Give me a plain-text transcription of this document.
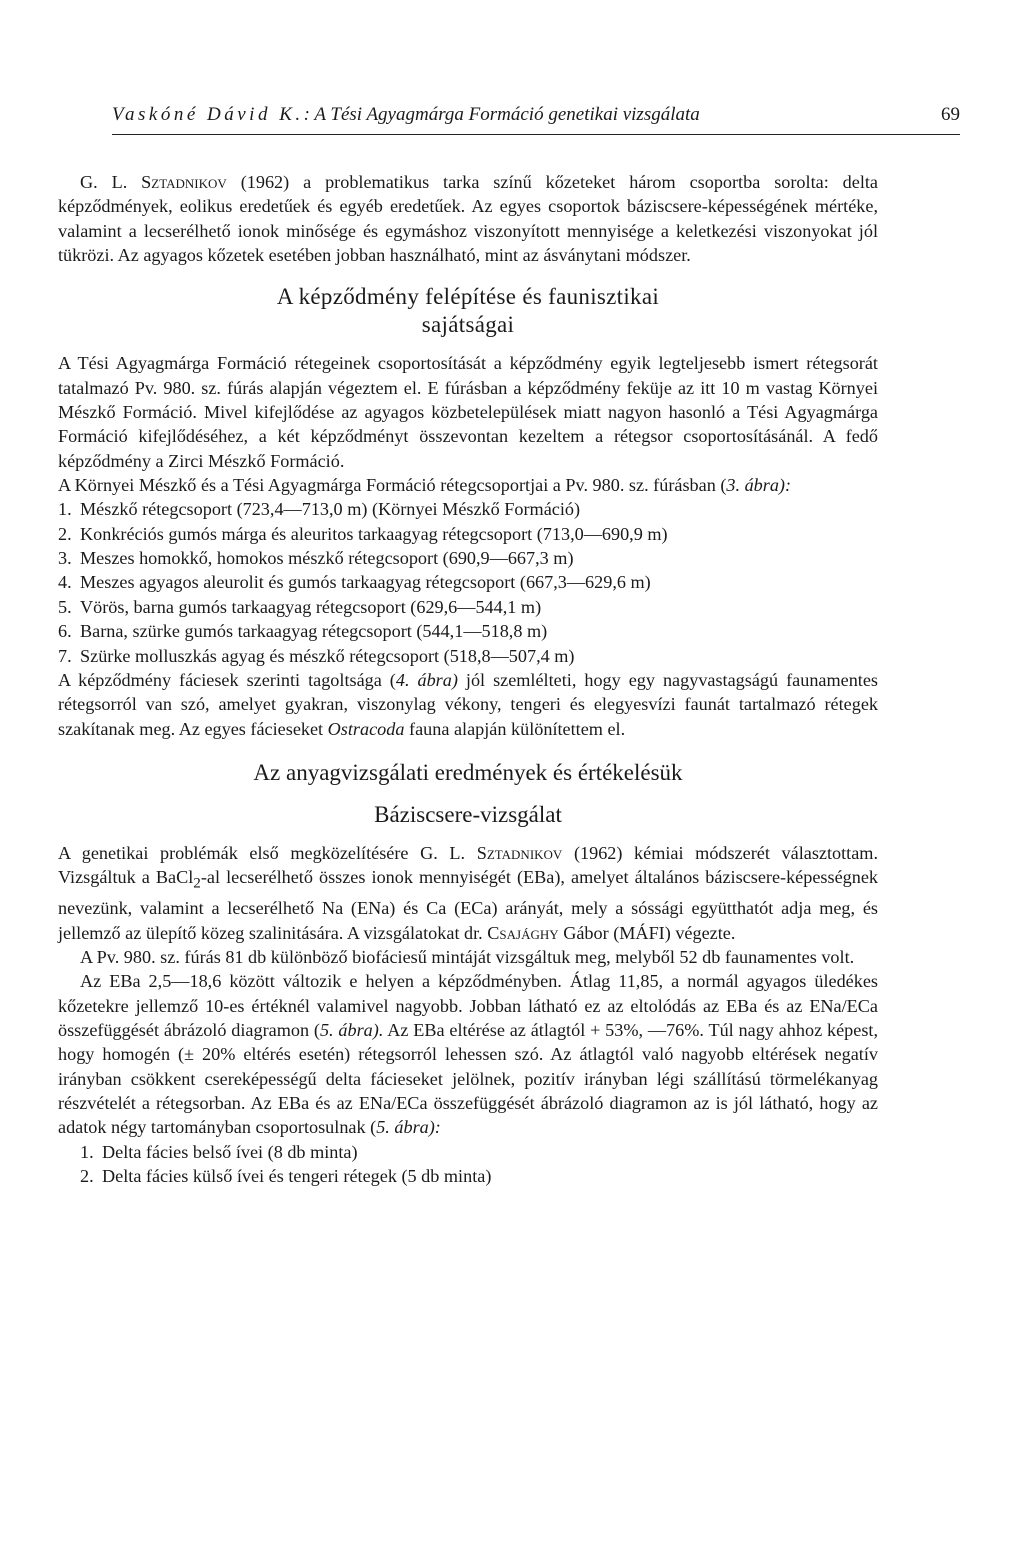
Vaskóné Dávid K.: A Tési Agyagmárga Formáció genetikai vizsgálata	69

G. L. Sztadnikov (1962) a problematikus tarka színű kőzeteket három csoportba sorolta: delta képződmények, eolikus eredetűek és egyéb eredetűek. Az egyes csoportok báziscsere-képességének mértéke, valamint a lecserélhető ionok minősége és egymáshoz viszonyított mennyisége a keletkezési viszonyokat jól tükrözi. Az agyagos kőzetek esetében jobban használható, mint az ásványtani módszer.

A képződmény felépítése és faunisztikai
sajátságai

A Tési Agyagmárga Formáció rétegeinek csoportosítását a képződmény egyik legteljesebb ismert rétegsorát tatalmazó Pv. 980. sz. fúrás alapján végeztem el. E fúrásban a képződmény feküje az itt 10 m vastag Környei Mészkő Formáció. Mivel kifejlődése az agyagos közbetelepülések miatt nagyon hasonló a Tési Agyagmárga Formáció kifejlődéséhez, a két képződményt összevontan kezeltem a rétegsor csoportosításánál. A fedő képződmény a Zirci Mészkő Formáció.

A Környei Mészkő és a Tési Agyagmárga Formáció rétegcsoportjai a Pv. 980. sz. fúrásban (3. ábra):

1. Mészkő rétegcsoport (723,4—713,0 m) (Környei Mészkő Formáció)
2. Konkréciós gumós márga és aleuritos tarkaagyag rétegcsoport (713,0—690,9 m)
3. Meszes homokkő, homokos mészkő rétegcsoport (690,9—667,3 m)
4. Meszes agyagos aleurolit és gumós tarkaagyag rétegcsoport (667,3—629,6 m)
5. Vörös, barna gumós tarkaagyag rétegcsoport (629,6—544,1 m)
6. Barna, szürke gumós tarkaagyag rétegcsoport (544,1—518,8 m)
7. Szürke molluszkás agyag és mészkő rétegcsoport (518,8—507,4 m)

A képződmény fáciesek szerinti tagoltsága (4. ábra) jól szemlélteti, hogy egy nagyvastagságú faunamentes rétegsorról van szó, amelyet gyakran, viszonylag vékony, tengeri és elegyesvízi faunát tartalmazó rétegek szakítanak meg. Az egyes fácieseket Ostracoda fauna alapján különítettem el.

Az anyagvizsgálati eredmények és értékelésük
Báziscsere-vizsgálat

A genetikai problémák első megközelítésére G. L. Sztadnikov (1962) kémiai módszerét választottam. Vizsgáltuk a BaCl$_2$-al lecserélhető összes ionok mennyiségét (EBa), amelyet általános báziscsere-képességnek nevezünk, valamint a lecserélhető Na (ENa) és Ca (ECa) arányát, mely a sóssági együtthatót adja meg, és jellemző az ülepítő közeg szalinitására. A vizsgálatokat dr. Csajághy Gábor (MÁFI) végezte.

A Pv. 980. sz. fúrás 81 db különböző biofáciesű mintáját vizsgáltuk meg, melyből 52 db faunamentes volt.

Az EBa 2,5—18,6 között változik e helyen a képződményben. Átlag 11,85, a normál agyagos üledékes kőzetekre jellemző 10-es értéknél valamivel nagyobb. Jobban látható ez az eltolódás az EBa és az ENa/ECa összefüggését ábrázoló diagramon (5. ábra). Az EBa eltérése az átlagtól + 53%, —76%. Túl nagy ahhoz képest, hogy homogén (± 20% eltérés esetén) rétegsorról lehessen szó. Az átlagtól való nagyobb eltérések negatív irányban csökkent csereképességű delta fácieseket jelölnek, pozitív irányban légi szállítású törmelékanyag részvételét a rétegsorban. Az EBa és az ENa/ECa összefüggését ábrázoló diagramon az is jól látható, hogy az adatok négy tartományban csoportosulnak (5. ábra):

1. Delta fácies belső ívei (8 db minta)
2. Delta fácies külső ívei és tengeri rétegek (5 db minta)
